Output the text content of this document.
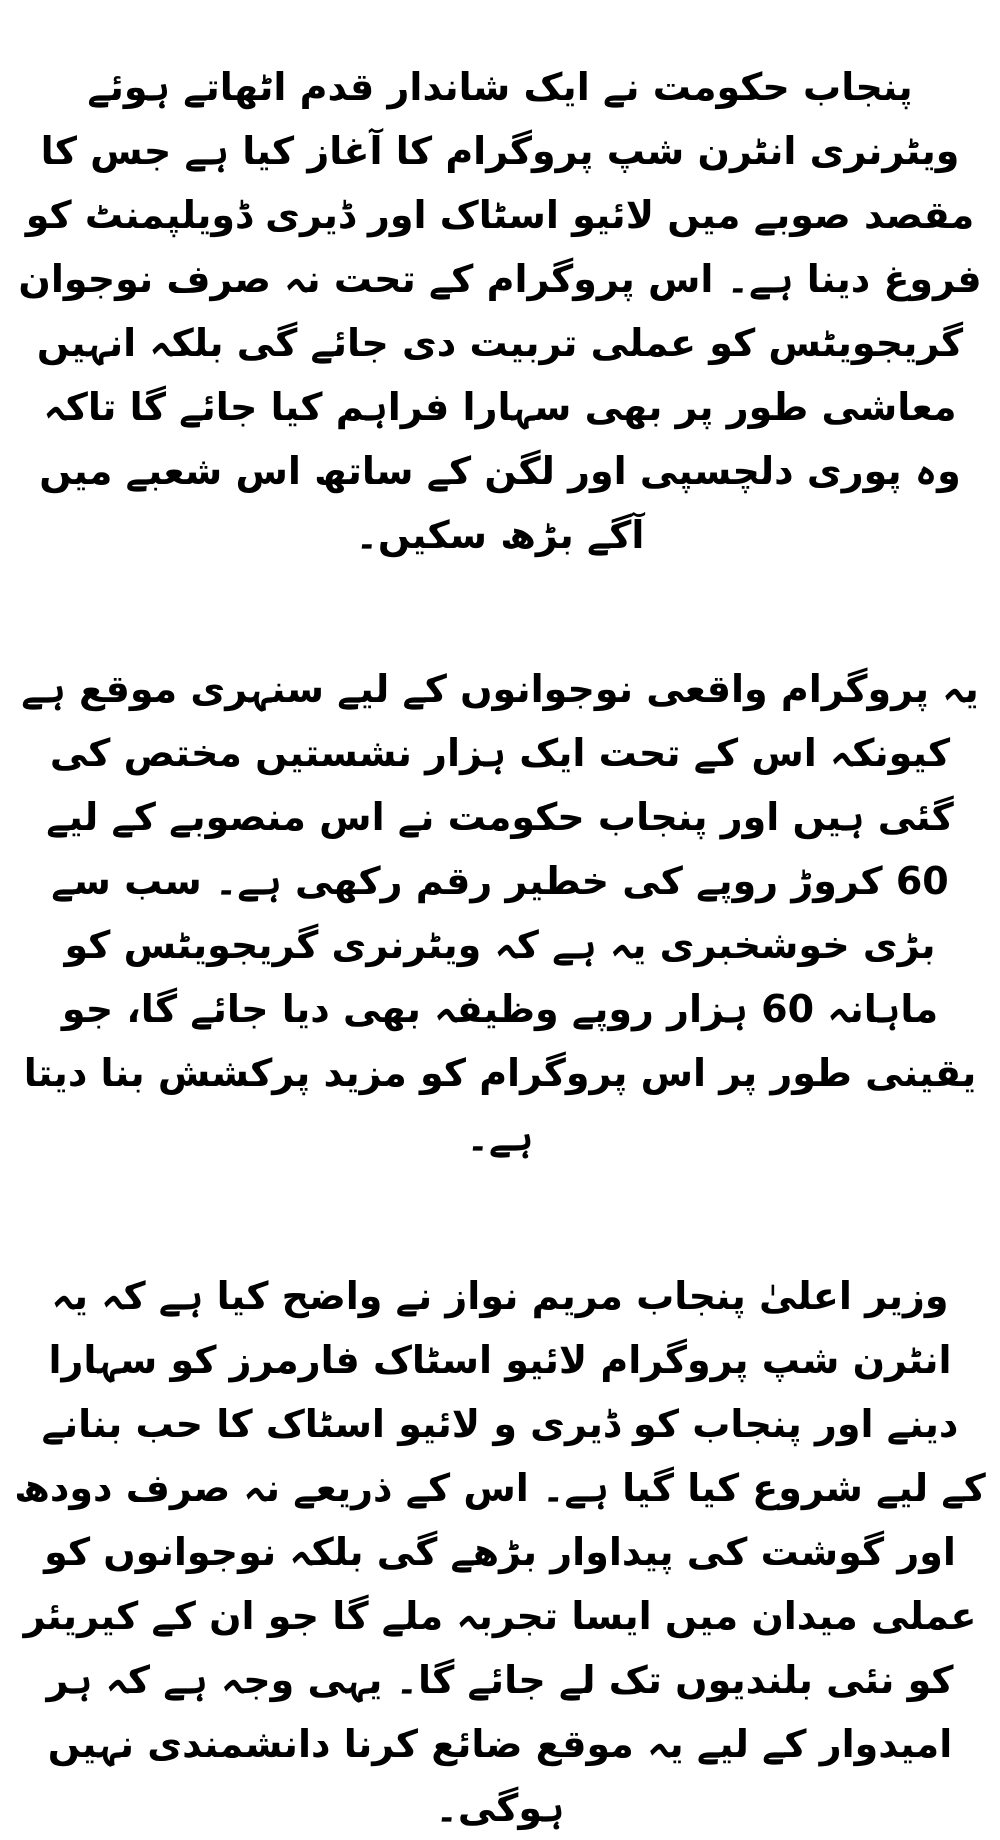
پنجاب حکومت نے ایک شاندار قدم اٹھاتے ہوئے ویٹرنری انٹرن شپ پروگرام کا آغاز کیا ہے جس کا مقصد صوبے میں لائیو اسٹاک اور ڈیری ڈویلپمنٹ کو فروغ دینا ہے۔ اس پروگرام کے تحت نہ صرف نوجوان گریجویٹس کو عملی تربیت دی جائے گی بلکہ انہیں معاشی طور پر بھی سہارا فراہم کیا جائے گا تاکہ وہ پوری دلچسپی اور لگن کے ساتھ اس شعبے میں آگے بڑھ سکیں۔

یہ پروگرام واقعی نوجوانوں کے لیے سنہری موقع ہے کیونکہ اس کے تحت ایک ہزار نشستیں مختص کی گئی ہیں اور پنجاب حکومت نے اس منصوبے کے لیے 60 کروڑ روپے کی خطیر رقم رکھی ہے۔ سب سے بڑی خوشخبری یہ ہے کہ ویٹرنری گریجویٹس کو ماہانہ 60 ہزار روپے وظیفہ بھی دیا جائے گا، جو یقینی طور پر اس پروگرام کو مزید پرکشش بنا دیتا ہے۔

وزیر اعلیٰ پنجاب مریم نواز نے واضح کیا ہے کہ یہ انٹرن شپ پروگرام لائیو اسٹاک فارمرز کو سہارا دینے اور پنجاب کو ڈیری و لائیو اسٹاک کا حب بنانے کے لیے شروع کیا گیا ہے۔ اس کے ذریعے نہ صرف دودھ اور گوشت کی پیداوار بڑھے گی بلکہ نوجوانوں کو عملی میدان میں ایسا تجربہ ملے گا جو ان کے کیریئر کو نئی بلندیوں تک لے جائے گا۔ یہی وجہ ہے کہ ہر امیدوار کے لیے یہ موقع ضائع کرنا دانشمندی نہیں ہوگی۔
